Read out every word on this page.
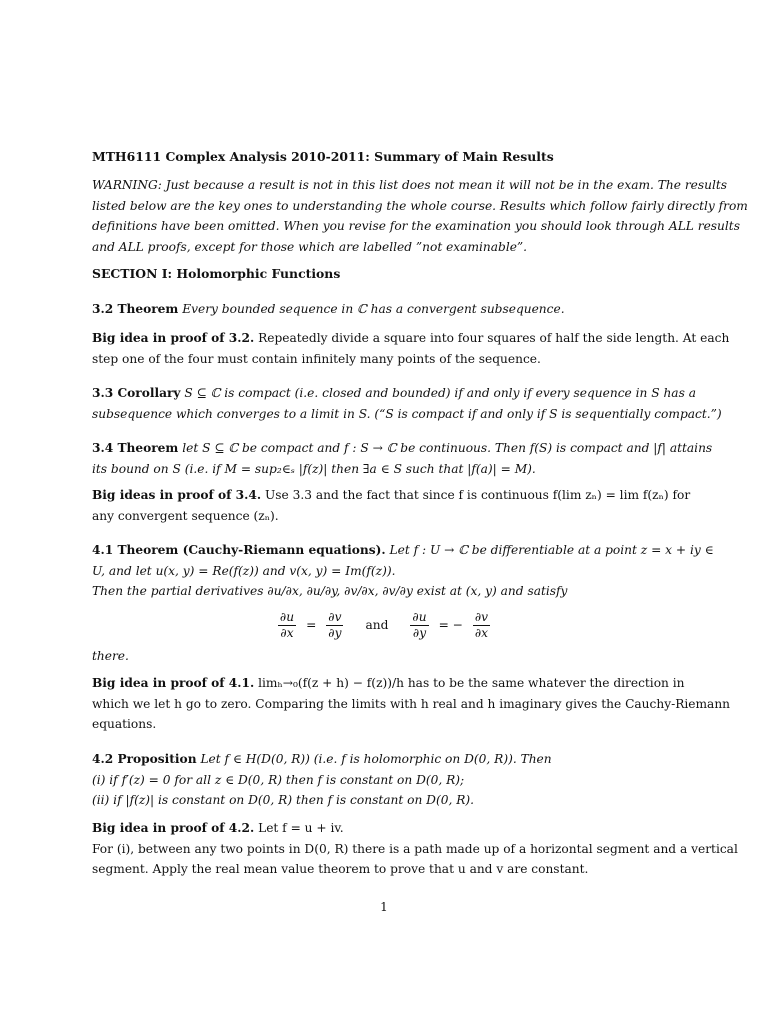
MTH6111 Complex Analysis 2010-2011: Summary of Main Results

WARNING: Just because a result is not in this list does not mean it will not be in the exam. The results
listed below are the key ones to understanding the whole course. Results which follow fairly directly from
definitions have been omitted. When you revise for the examination you should look through ALL results
and ALL proofs, except for those which are labelled ”not examinable”.

SECTION I: Holomorphic Functions

3.2 Theorem Every bounded sequence in ℂ has a convergent subsequence.
Big idea in proof of 3.2. Repeatedly divide a square into four squares of half the side length. At each
step one of the four must contain infinitely many points of the sequence.
3.3 Corollary S ⊆ ℂ is compact (i.e. closed and bounded) if and only if every sequence in S has a
subsequence which converges to a limit in S. (“S is compact if and only if S is sequentially compact.”)
3.4 Theorem let S ⊆ ℂ be compact and f : S → ℂ be continuous. Then f(S) is compact and |f| attains
its bound on S (i.e. if M = sup₂∈ₛ |f(z)| then ∃a ∈ S such that |f(a)| = M).
Big ideas in proof of 3.4. Use 3.3 and the fact that since f is continuous f(lim zₙ) = lim f(zₙ) for
any convergent sequence (zₙ).
4.1 Theorem (Cauchy-Riemann equations). Let f : U → ℂ be differentiable at a point z = x + iy ∈
U, and let u(x, y) = Re(f(z)) and v(x, y) = Im(f(z)).
Then the partial derivatives ∂u/∂x, ∂u/∂y, ∂v/∂x, ∂v/∂y exist at (x, y) and satisfy
$\frac{\partial u}{\partial x} = \frac{\partial v}{\partial y}$ and $\frac{\partial u}{\partial y}$ = − $\frac{\partial v}{\partial x}$
there.
Big idea in proof of 4.1. limₕ→₀(f(z + h) − f(z))/h has to be the same whatever the direction in
which we let h go to zero. Comparing the limits with h real and h imaginary gives the Cauchy-Riemann
equations.
4.2 Proposition Let f ∈ H(D(0, R)) (i.e. f is holomorphic on D(0, R)). Then
(i) if f′(z) = 0 for all z ∈ D(0, R) then f is constant on D(0, R);
(ii) if |f(z)| is constant on D(0, R) then f is constant on D(0, R).
Big idea in proof of 4.2. Let f = u + iv.
For (i), between any two points in D(0, R) there is a path made up of a horizontal segment and a vertical
segment. Apply the real mean value theorem to prove that u and v are constant.
1
